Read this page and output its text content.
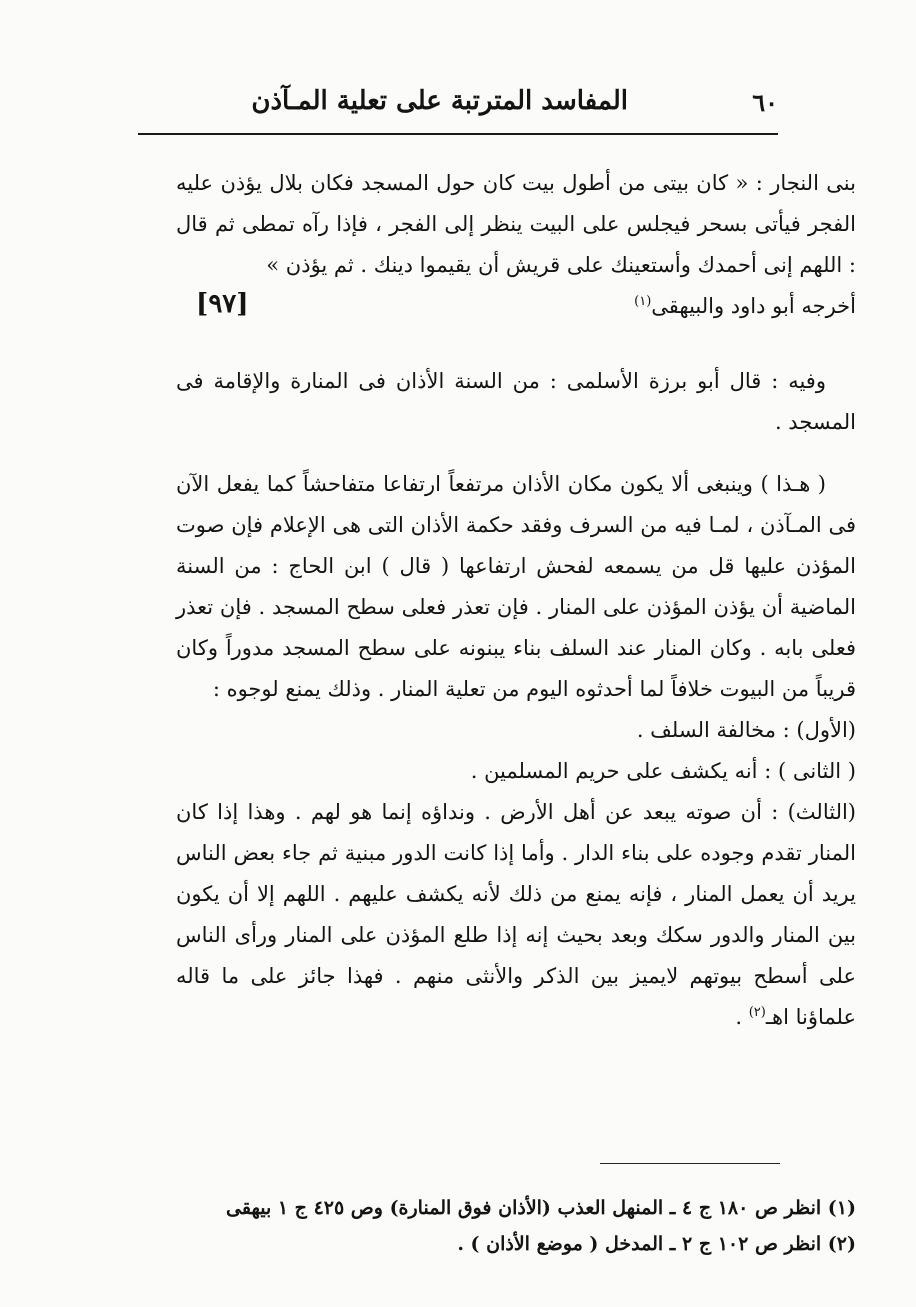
٦٠
المفاسد المترتبة على تعلية المـآذن
بنى النجار : « كان بيتى من أطول بيت كان حول المسجد فكان بلال يؤذن عليه الفجر فيأتى بسحر فيجلس على البيت ينظر إلى الفجر ، فإذا رآه تمطى ثم قال : اللهم إنى أحمدك وأستعينك على قريش أن يقيموا دينك . ثم يؤذن »
أخرجه أبو داود والبيهقى$^{(١)}$
[٩٧]
وفيه : قال أبو برزة الأسلمى : من السنة الأذان فى المنارة والإقامة فى المسجد .
( هـذا ) وينبغى ألا يكون مكان الأذان مرتفعاً ارتفاعا متفاحشاً كما يفعل الآن فى المـآذن ، لمـا فيه من السرف وفقد حكمة الأذان التى هى الإعلام فإن صوت المؤذن عليها قل من يسمعه لفحش ارتفاعها ( قال ) ابن الحاج : من السنة الماضية أن يؤذن المؤذن على المنار . فإن تعذر فعلى سطح المسجد . فإن تعذر فعلى بابه . وكان المنار عند السلف بناء يبنونه على سطح المسجد مدوراً وكان قريباً من البيوت خلافاً لما أحدثوه اليوم من تعلية المنار . وذلك يمنع لوجوه :
(الأول) : مخالفة السلف .
( الثانى ) : أنه يكشف على حريم المسلمين .
(الثالث) : أن صوته يبعد عن أهل الأرض . ونداؤه إنما هو لهم . وهذا إذا كان المنار تقدم وجوده على بناء الدار . وأما إذا كانت الدور مبنية ثم جاء بعض الناس يريد أن يعمل المنار ، فإنه يمنع من ذلك لأنه يكشف عليهم . اللهم إلا أن يكون بين المنار والدور سكك وبعد بحيث إنه إذا طلع المؤذن على المنار ورأى الناس على أسطح بيوتهم لايميز بين الذكر والأنثى منهم . فهذا جائز على ما قاله علماؤنا اهـ$^{(٢)}$ .
(١) انظر ص ١٨٠ ج ٤ ـ المنهل العذب (الأذان فوق المنارة) وص ٤٢٥ ج ١ بيهقى
(٢) انظر ص ١٠٢ ج ٢ ـ المدخل ( موضع الأذان ) .
